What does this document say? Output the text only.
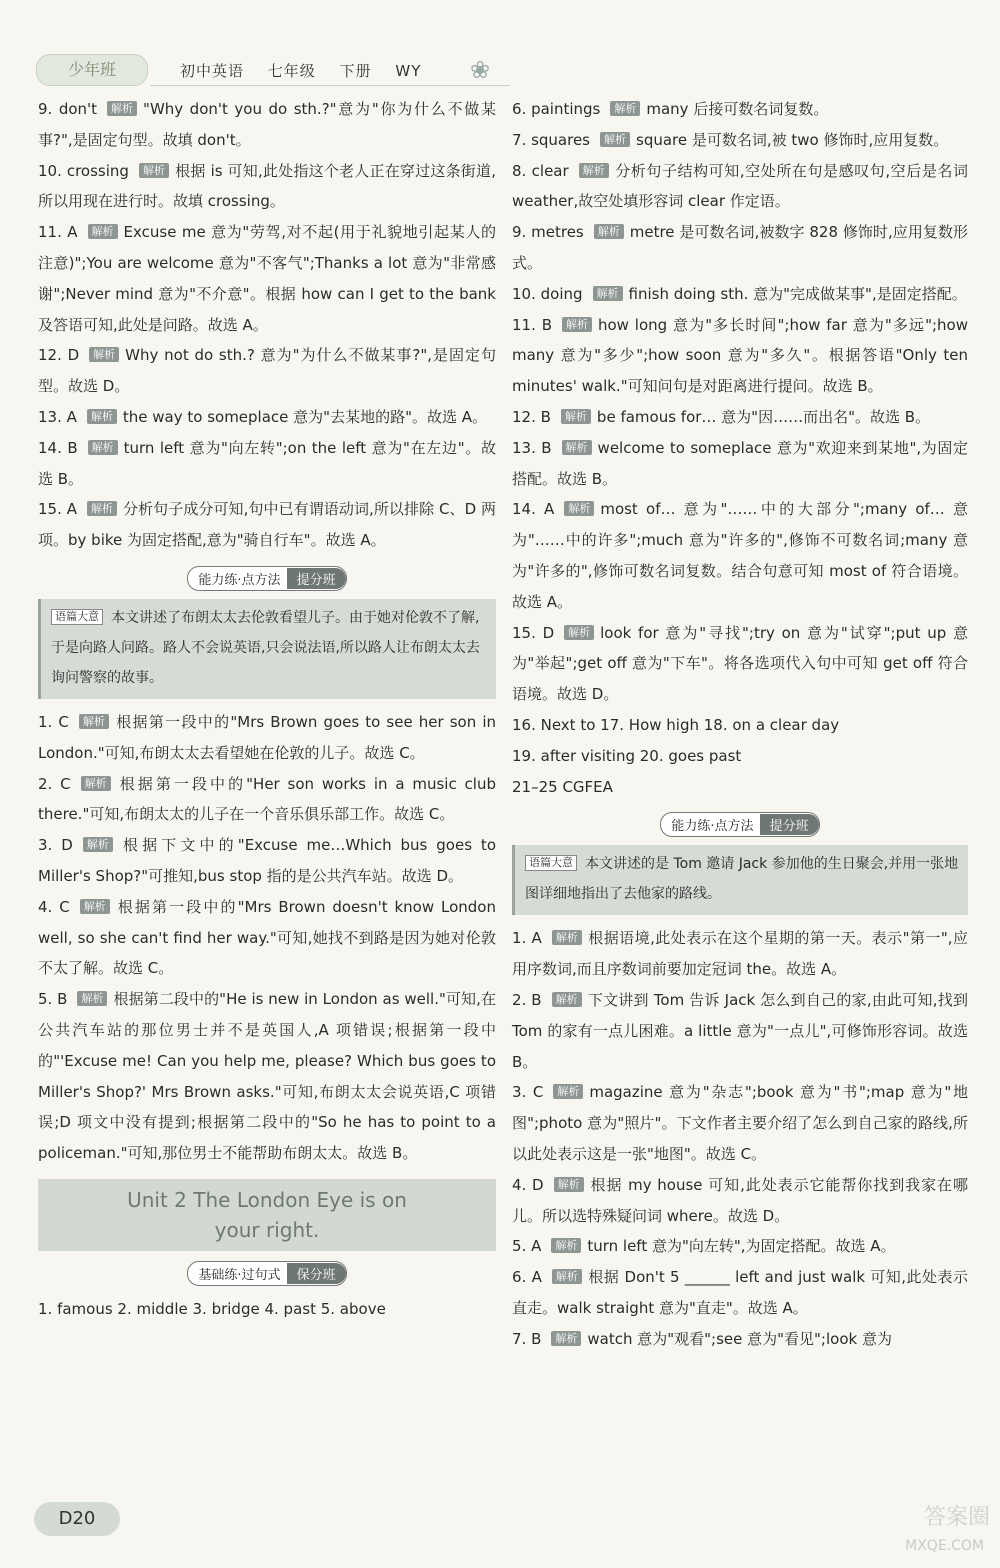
少年班	初中英语 七年级 下册 WY	❀
9. don't 解析 "Why don't you do sth.?"意为"你为什么不做某事?",是固定句型。故填 don't。
10. crossing 解析 根据 is 可知,此处指这个老人正在穿过这条街道,所以用现在进行时。故填 crossing。
11. A 解析 Excuse me 意为"劳驾,对不起(用于礼貌地引起某人的注意)";You are welcome 意为"不客气";Thanks a lot 意为"非常感谢";Never mind 意为"不介意"。根据 how can I get to the bank 及答语可知,此处是问路。故选 A。
12. D 解析 Why not do sth.? 意为"为什么不做某事?",是固定句型。故选 D。
13. A 解析 the way to someplace 意为"去某地的路"。故选 A。
14. B 解析 turn left 意为"向左转";on the left 意为"在左边"。故选 B。
15. A 解析 分析句子成分可知,句中已有谓语动词,所以排除 C、D 两项。by bike 为固定搭配,意为"骑自行车"。故选 A。
能力练·点方法 提分班
语篇大意 本文讲述了布朗太太去伦敦看望儿子。由于她对伦敦不了解,于是向路人问路。路人不会说英语,只会说法语,所以路人让布朗太太去询问警察的故事。
1. C 解析 根据第一段中的"Mrs Brown goes to see her son in London."可知,布朗太太去看望她在伦敦的儿子。故选 C。
2. C 解析 根据第一段中的"Her son works in a music club there."可知,布朗太太的儿子在一个音乐俱乐部工作。故选 C。
3. D 解析 根据下文中的"Excuse me…Which bus goes to Miller's Shop?"可推知,bus stop 指的是公共汽车站。故选 D。
4. C 解析 根据第一段中的"Mrs Brown doesn't know London well, so she can't find her way."可知,她找不到路是因为她对伦敦不太了解。故选 C。
5. B 解析 根据第二段中的"He is new in London as well."可知,在公共汽车站的那位男士并不是英国人,A 项错误;根据第一段中的"'Excuse me! Can you help me, please? Which bus goes to Miller's Shop?' Mrs Brown asks."可知,布朗太太会说英语,C 项错误;D 项文中没有提到;根据第二段中的"So he has to point to a policeman."可知,那位男士不能帮助布朗太太。故选 B。
Unit 2 The London Eye is on
your right.
基础练·过句式 保分班
1. famous 2. middle 3. bridge 4. past 5. above
6. paintings 解析 many 后接可数名词复数。
7. squares 解析 square 是可数名词,被 two 修饰时,应用复数。
8. clear 解析 分析句子结构可知,空处所在句是感叹句,空后是名词 weather,故空处填形容词 clear 作定语。
9. metres 解析 metre 是可数名词,被数字 828 修饰时,应用复数形式。
10. doing 解析 finish doing sth. 意为"完成做某事",是固定搭配。
11. B 解析 how long 意为"多长时间";how far 意为"多远";how many 意为"多少";how soon 意为"多久"。根据答语"Only ten minutes' walk."可知问句是对距离进行提问。故选 B。
12. B 解析 be famous for… 意为"因……而出名"。故选 B。
13. B 解析 welcome to someplace 意为"欢迎来到某地",为固定搭配。故选 B。
14. A 解析 most of… 意为"……中的大部分";many of… 意为"……中的许多";much 意为"许多的",修饰不可数名词;many 意为"许多的",修饰可数名词复数。结合句意可知 most of 符合语境。故选 A。
15. D 解析 look for 意为"寻找";try on 意为"试穿";put up 意为"举起";get off 意为"下车"。将各选项代入句中可知 get off 符合语境。故选 D。
16. Next to 17. How high 18. on a clear day
19. after visiting 20. goes past
21–25 CGFEA
能力练·点方法 提分班
语篇大意 本文讲述的是 Tom 邀请 Jack 参加他的生日聚会,并用一张地图详细地指出了去他家的路线。
1. A 解析 根据语境,此处表示在这个星期的第一天。表示"第一",应用序数词,而且序数词前要加定冠词 the。故选 A。
2. B 解析 下文讲到 Tom 告诉 Jack 怎么到自己的家,由此可知,找到 Tom 的家有一点儿困难。a little 意为"一点儿",可修饰形容词。故选 B。
3. C 解析 magazine 意为"杂志";book 意为"书";map 意为"地图";photo 意为"照片"。下文作者主要介绍了怎么到自己家的路线,所以此处表示这是一张"地图"。故选 C。
4. D 解析 根据 my house 可知,此处表示它能帮你找到我家在哪儿。所以选特殊疑问词 where。故选 D。
5. A 解析 turn left 意为"向左转",为固定搭配。故选 A。
6. A 解析 根据 Don't 5 ______ left and just walk 可知,此处表示直走。walk straight 意为"直走"。故选 A。
7. B 解析 watch 意为"观看";see 意为"看见";look 意为
D20	答案圈
MXQE.COM
